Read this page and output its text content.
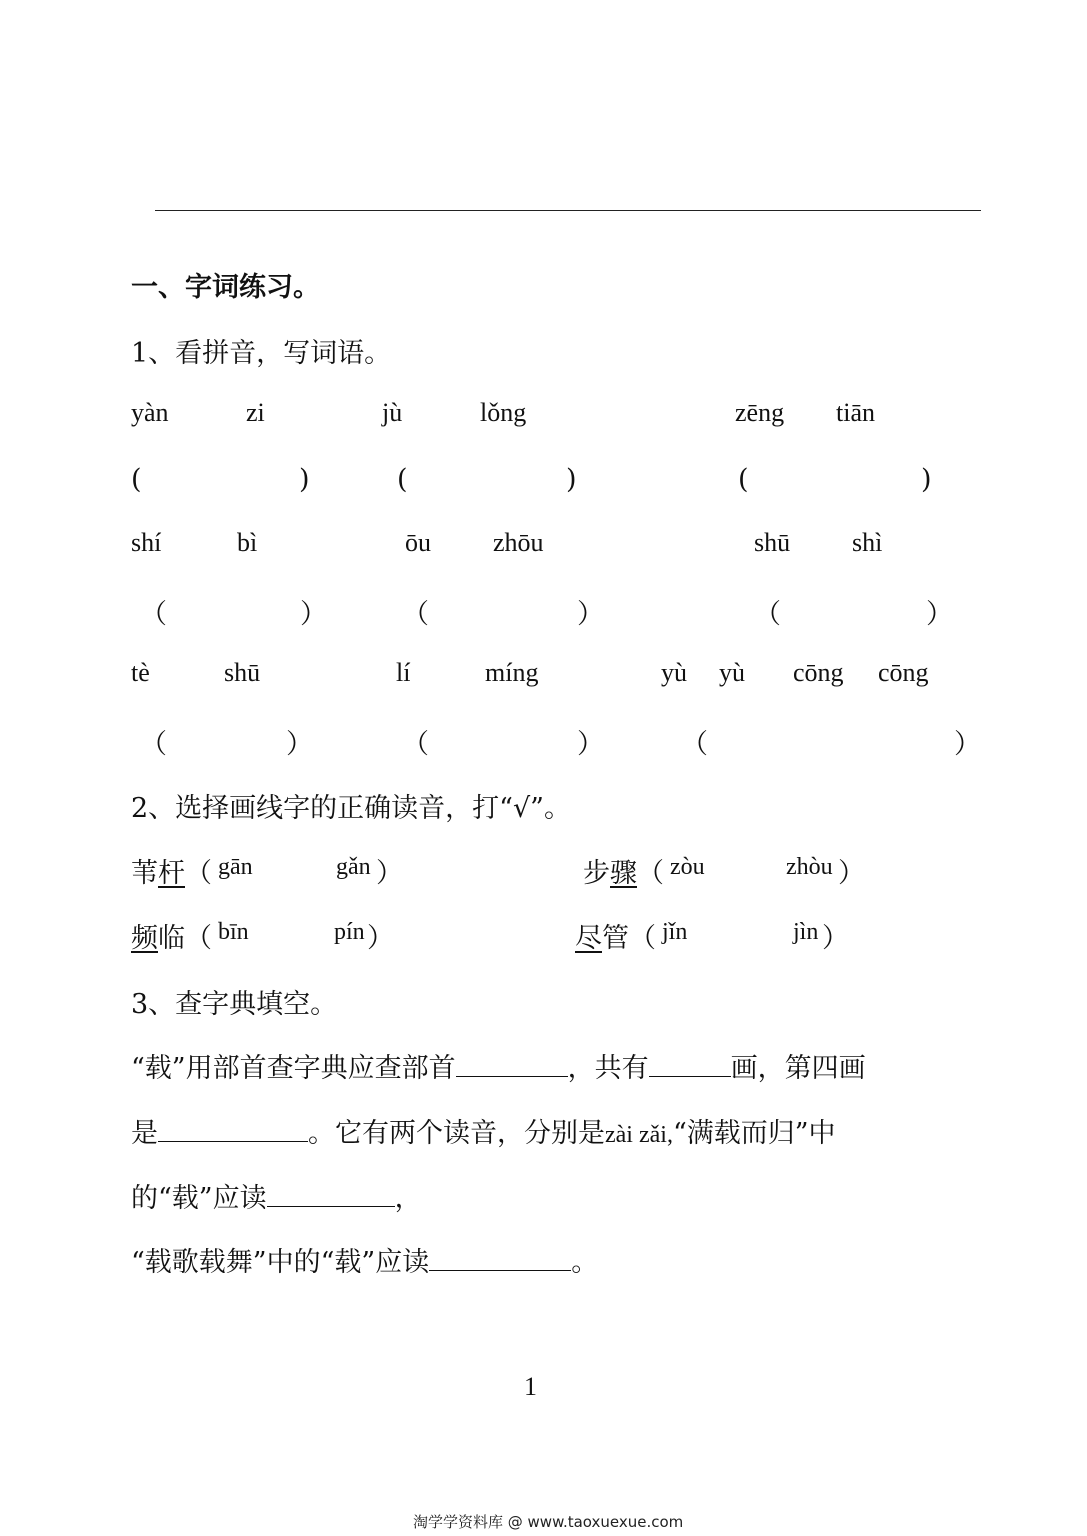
一、字词练习。
1、看拼音，写词语。
yàn	zi	jù	lǒng	zēng tiān
(	)	(	)	(	)
shí	bì	ōu zhōu	shū shì
（	）	（	）	（	）
tè	shū	lí	míng	yù yù cōng cōng
（	）	（	）	（	）
2、选择画线字的正确读音，打“√”。
苇杆（ gān	gǎn ）	步骤（ zòu	zhòu ）
频临（ bīn	pín ）	尽管（ jǐn	jìn ）
3、查字典填空。
“载”用部首查字典应查部首	，共有	画，第四画
是	。它有两个读音，分别是zài zǎi,“满载而归”中
的“载”应读	，
“载歌载舞”中的“载”应读	。
1
淘学学资料库 @ www.taoxuexue.com
